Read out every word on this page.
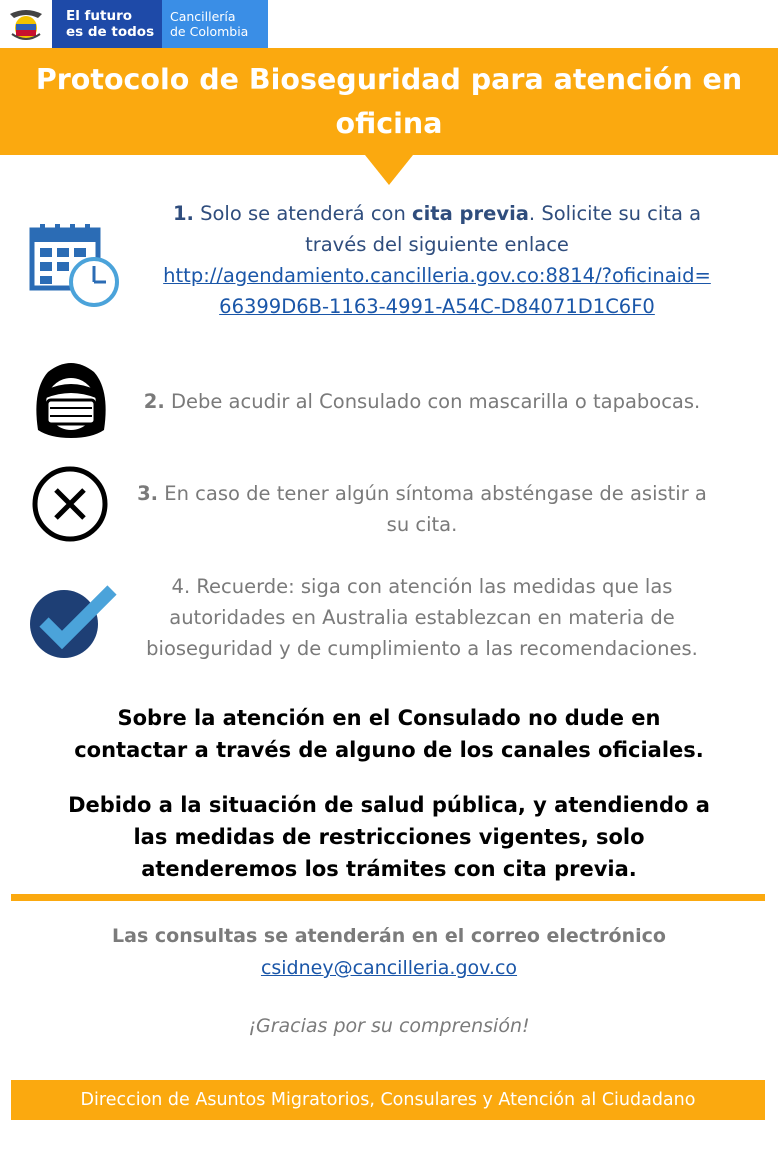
El futuro
es de todos
Cancillería
de Colombia
Protocolo de Bioseguridad para atención en
oficina
1. Solo se atenderá con cita previa. Solicite su cita a
través del siguiente enlace
http://agendamiento.cancilleria.gov.co:8814/?oficinaid=
66399D6B-1163-4991-A54C-D84071D1C6F0
2. Debe acudir al Consulado con mascarilla o tapabocas.
3. En caso de tener algún síntoma absténgase de asistir a
su cita.
4. Recuerde: siga con atención las medidas que las
autoridades en Australia establezcan en materia de
bioseguridad y de cumplimiento a las recomendaciones.
Sobre la atención en el Consulado no dude en
contactar a través de alguno de los canales oficiales.
Debido a la situación de salud pública, y atendiendo a
las medidas de restricciones vigentes, solo
atenderemos los trámites con cita previa.
Las consultas se atenderán en el correo electrónico
csidney@cancilleria.gov.co
¡Gracias por su comprensión!
Direccion de Asuntos Migratorios, Consulares y Atención al Ciudadano
